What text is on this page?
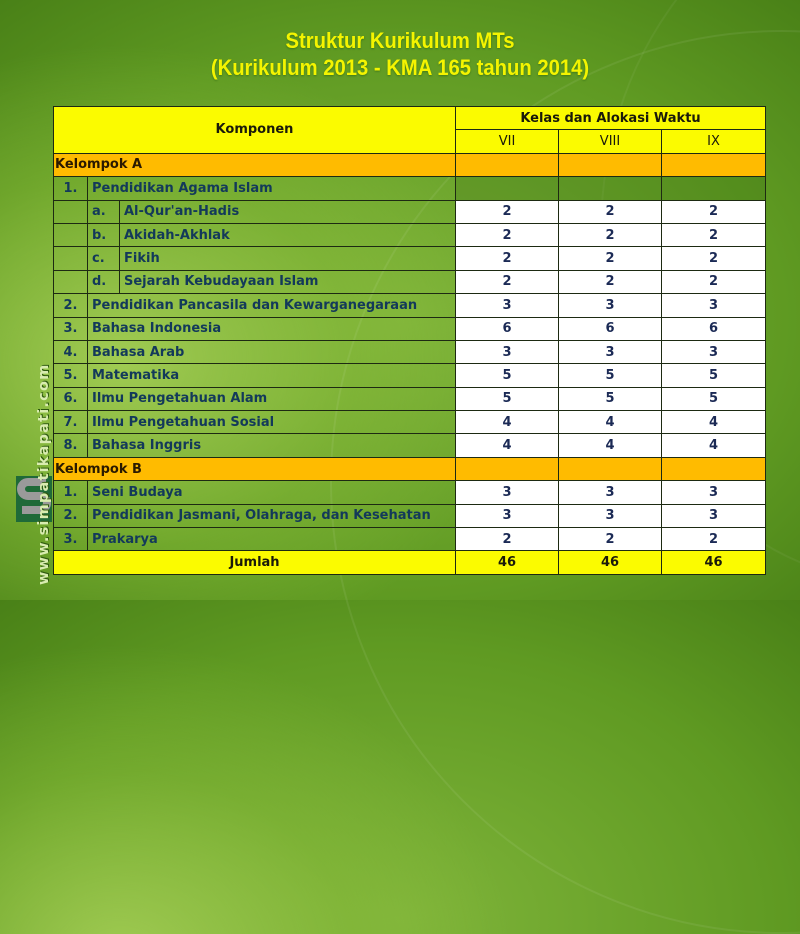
Struktur Kurikulum MTs
(Kurikulum 2013 - KMA 165 tahun 2014)
Komponen			Kelas dan Alokasi Waktu		
			VII	VIII	IX
Kelompok A					
1.	Pendidikan Agama Islam				
	a.	Al-Qur'an-Hadis	2	2	2
	b.	Akidah-Akhlak	2	2	2
	c.	Fikih	2	2	2
	d.	Sejarah Kebudayaan Islam	2	2	2
2.	Pendidikan Pancasila dan Kewarganegaraan		3	3	3
3.	Bahasa Indonesia		6	6	6
4.	Bahasa Arab		3	3	3
5.	Matematika		5	5	5
6.	Ilmu Pengetahuan Alam		5	5	5
7.	Ilmu Pengetahuan Sosial		4	4	4
8.	Bahasa Inggris		4	4	4
Kelompok B					
1.	Seni Budaya		3	3	3
2.	Pendidikan Jasmani, Olahraga, dan Kesehatan		3	3	3
3.	Prakarya		2	2	2
Jumlah			46	46	46
www.simpatikapati.com
